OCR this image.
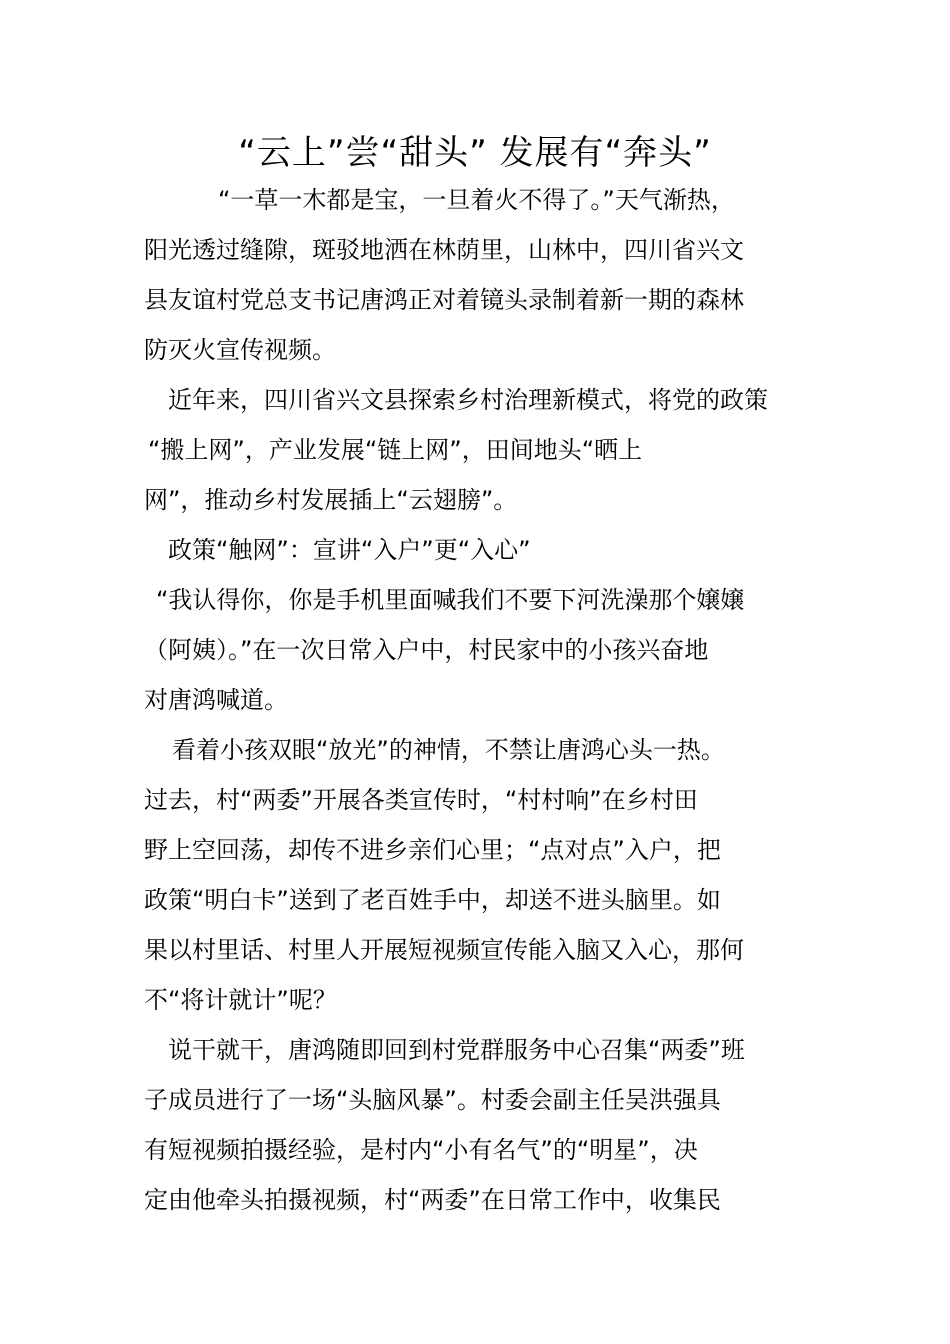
“云上”尝“甜头” 发展有“奔头”
“一草一木都是宝，一旦着火不得了。”天气渐热，
阳光透过缝隙，斑驳地洒在林荫里，山林中，四川省兴文
县友谊村党总支书记唐鸿正对着镜头录制着新一期的森林
防灭火宣传视频。
近年来，四川省兴文县探索乡村治理新模式，将党的政策
“搬上网”，产业发展“链上网”，田间地头“晒上
网”，推动乡村发展插上“云翅膀”。
政策“触网”：宣讲“入户”更“入心”
“我认得你，你是手机里面喊我们不要下河洗澡那个嬢嬢
（阿姨）。”在一次日常入户中，村民家中的小孩兴奋地
对唐鸿喊道。
看着小孩双眼“放光”的神情，不禁让唐鸿心头一热。
过去，村“两委”开展各类宣传时，“村村响”在乡村田
野上空回荡，却传不进乡亲们心里；“点对点”入户，把
政策“明白卡”送到了老百姓手中，却送不进头脑里。如
果以村里话、村里人开展短视频宣传能入脑又入心，那何
不“将计就计”呢？
说干就干，唐鸿随即回到村党群服务中心召集“两委”班
子成员进行了一场“头脑风暴”。村委会副主任吴洪强具
有短视频拍摄经验，是村内“小有名气”的“明星”，决
定由他牵头拍摄视频，村“两委”在日常工作中，收集民
